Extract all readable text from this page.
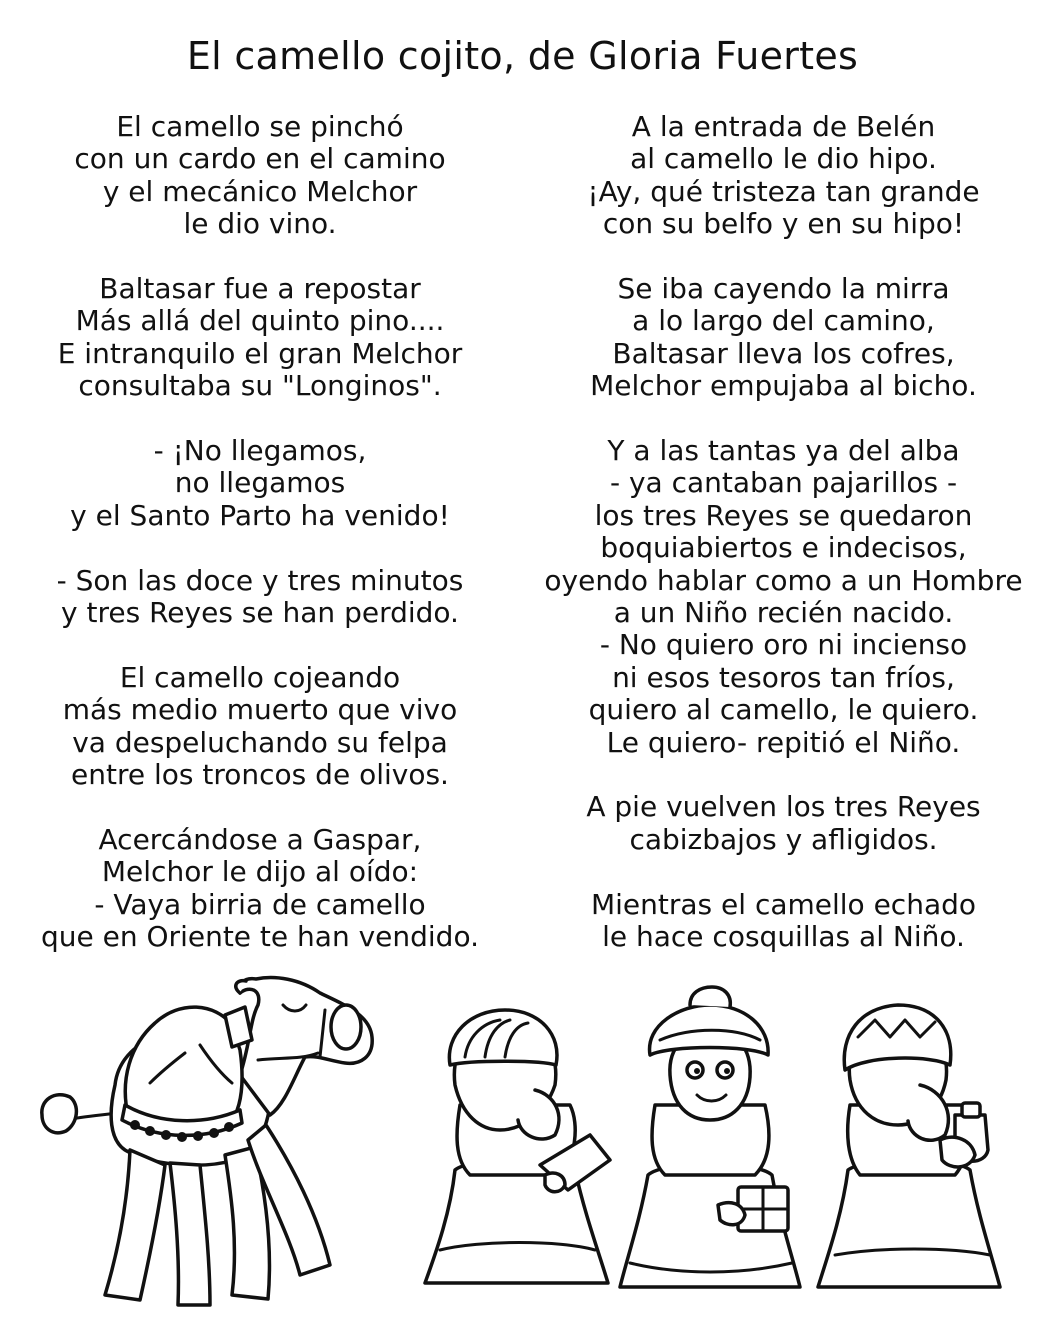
El camello cojito, de Gloria Fuertes
El camello se pinchó
con un cardo en el camino
y el mecánico Melchor
le dio vino.
Baltasar fue a repostar
Más allá del quinto pino....
E intranquilo el gran Melchor
consultaba su "Longinos".
- ¡No llegamos,
no llegamos
y el Santo Parto ha venido!
- Son las doce y tres minutos
y tres Reyes se han perdido.
El camello cojeando
más medio muerto que vivo
va despeluchando su felpa
entre los troncos de olivos.
Acercándose a Gaspar,
Melchor le dijo al oído:
- Vaya birria de camello
que en Oriente te han vendido.
A la entrada de Belén
al camello le dio hipo.
¡Ay, qué tristeza tan grande
con su belfo y en su hipo!
Se iba cayendo la mirra
a lo largo del camino,
Baltasar lleva los cofres,
Melchor empujaba al bicho.
Y a las tantas ya del alba
- ya cantaban pajarillos -
los tres Reyes se quedaron
boquiabiertos e indecisos,
oyendo hablar como a un Hombre
a un Niño recién nacido.
- No quiero oro ni incienso
ni esos tesoros tan fríos,
quiero al camello, le quiero.
Le quiero- repitió el Niño.
A pie vuelven los tres Reyes
cabizbajos y afligidos.
Mientras el camello echado
le hace cosquillas al Niño.
